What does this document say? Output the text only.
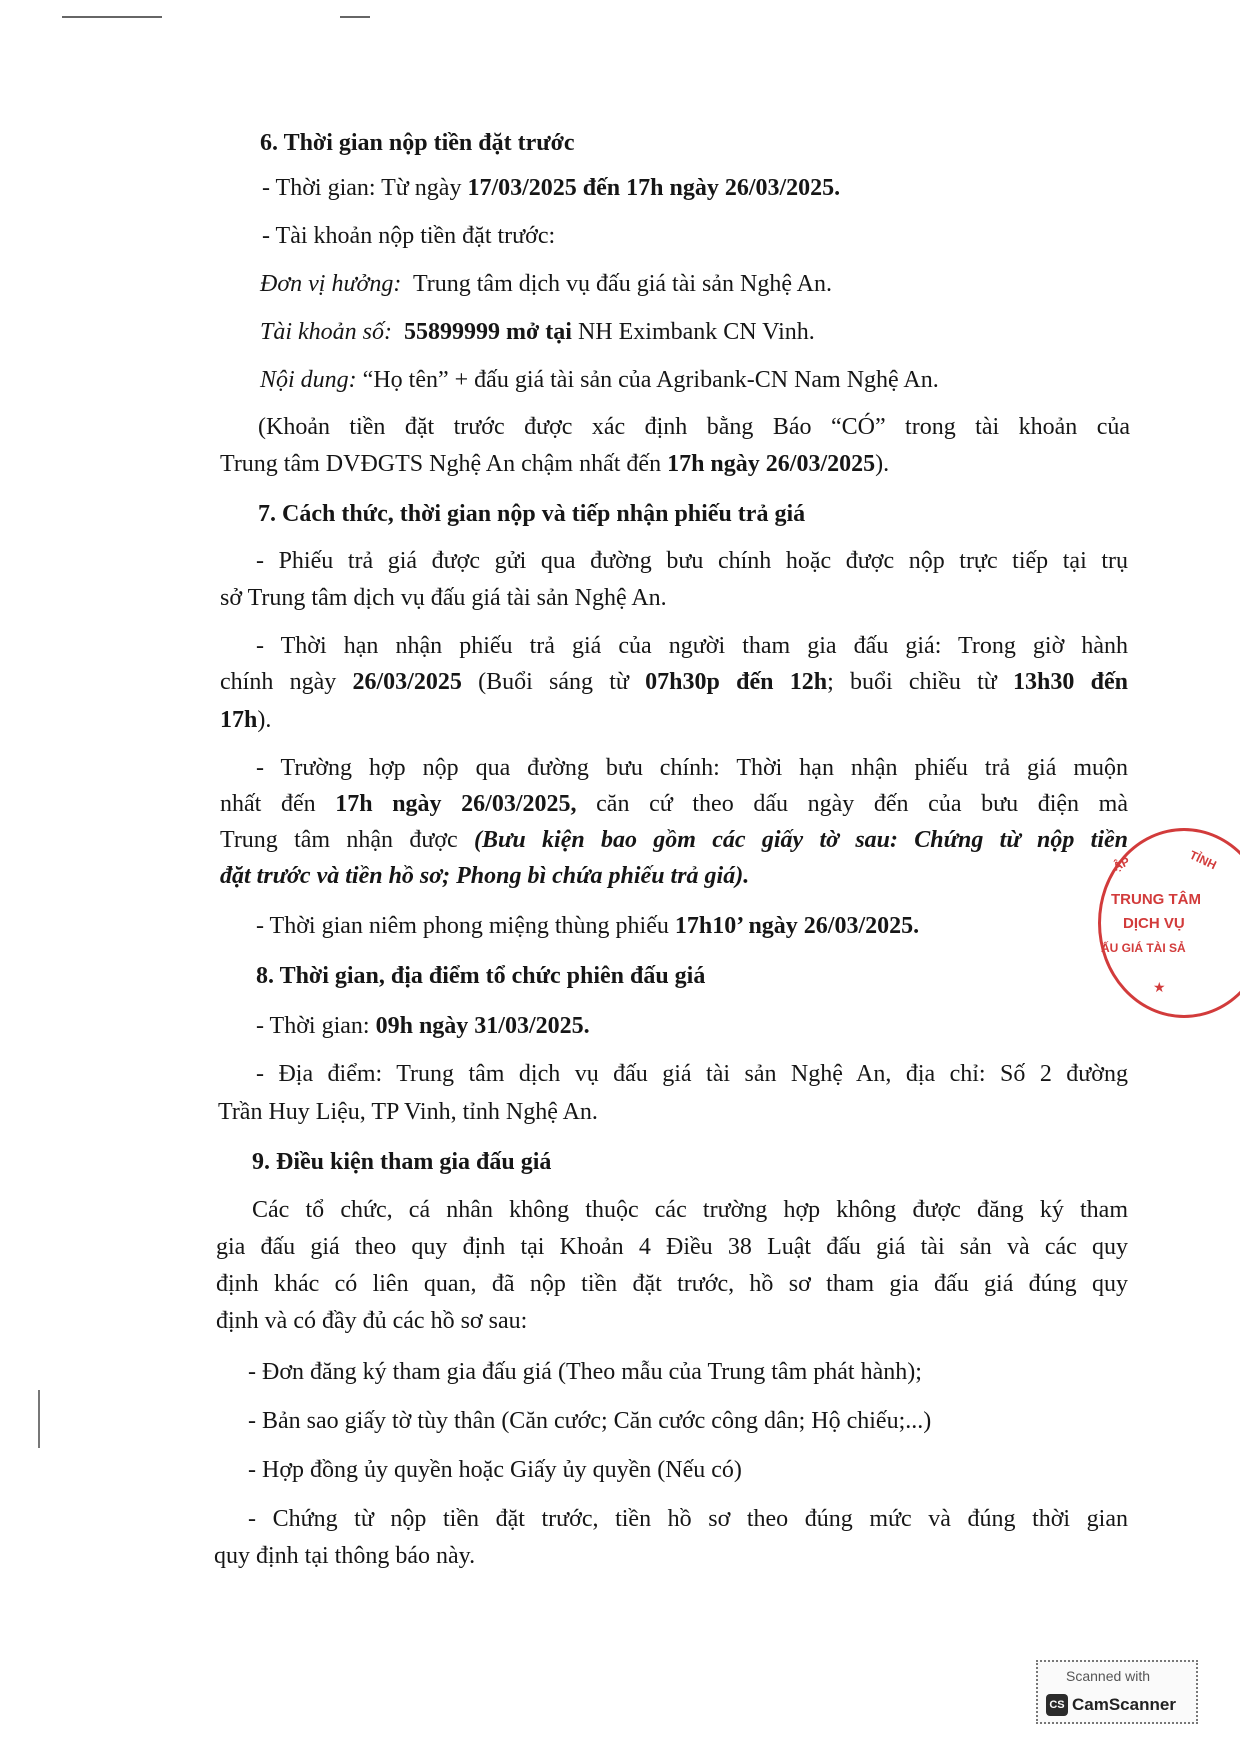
6. Thời gian nộp tiền đặt trước
- Thời gian: Từ ngày 17/03/2025 đến 17h ngày 26/03/2025.
- Tài khoản nộp tiền đặt trước:
Đơn vị hưởng: Trung tâm dịch vụ đấu giá tài sản Nghệ An.
Tài khoản số: 55899999 mở tại NH Eximbank CN Vinh.
Nội dung: “Họ tên” + đấu giá tài sản của Agribank-CN Nam Nghệ An.
(Khoản tiền đặt trước được xác định bằng Báo “CÓ” trong tài khoản của
Trung tâm DVĐGTS Nghệ An chậm nhất đến 17h ngày 26/03/2025).
7. Cách thức, thời gian nộp và tiếp nhận phiếu trả giá
- Phiếu trả giá được gửi qua đường bưu chính hoặc được nộp trực tiếp tại trụ
sở Trung tâm dịch vụ đấu giá tài sản Nghệ An.
- Thời hạn nhận phiếu trả giá của người tham gia đấu giá: Trong giờ hành
chính ngày 26/03/2025 (Buổi sáng từ 07h30p đến 12h; buổi chiều từ 13h30 đến
17h).
- Trường hợp nộp qua đường bưu chính: Thời hạn nhận phiếu trả giá muộn
nhất đến 17h ngày 26/03/2025, căn cứ theo dấu ngày đến của bưu điện mà
Trung tâm nhận được (Bưu kiện bao gồm các giấy tờ sau: Chứng từ nộp tiền
đặt trước và tiền hồ sơ; Phong bì chứa phiếu trả giá).
- Thời gian niêm phong miệng thùng phiếu 17h10’ ngày 26/03/2025.
8. Thời gian, địa điểm tổ chức phiên đấu giá
- Thời gian: 09h ngày 31/03/2025.
- Địa điểm: Trung tâm dịch vụ đấu giá tài sản Nghệ An, địa chỉ: Số 2 đường
Trần Huy Liệu, TP Vinh, tỉnh Nghệ An.
9. Điều kiện tham gia đấu giá
Các tổ chức, cá nhân không thuộc các trường hợp không được đăng ký tham
gia đấu giá theo quy định tại Khoản 4 Điều 38 Luật đấu giá tài sản và các quy
định khác có liên quan, đã nộp tiền đặt trước, hồ sơ tham gia đấu giá đúng quy
định và có đầy đủ các hồ sơ sau:
- Đơn đăng ký tham gia đấu giá (Theo mẫu của Trung tâm phát hành);
- Bản sao giấy tờ tùy thân (Căn cước; Căn cước công dân; Hộ chiếu;...)
- Hợp đồng ủy quyền hoặc Giấy ủy quyền (Nếu có)
- Chứng từ nộp tiền đặt trước, tiền hồ sơ theo đúng mức và đúng thời gian
quy định tại thông báo này.
ẬP	TỈNH
TRUNG TÂM
DỊCH VỤ
ẤU GIÁ TÀI SẢ
★
Scanned with
CS CamScanner
